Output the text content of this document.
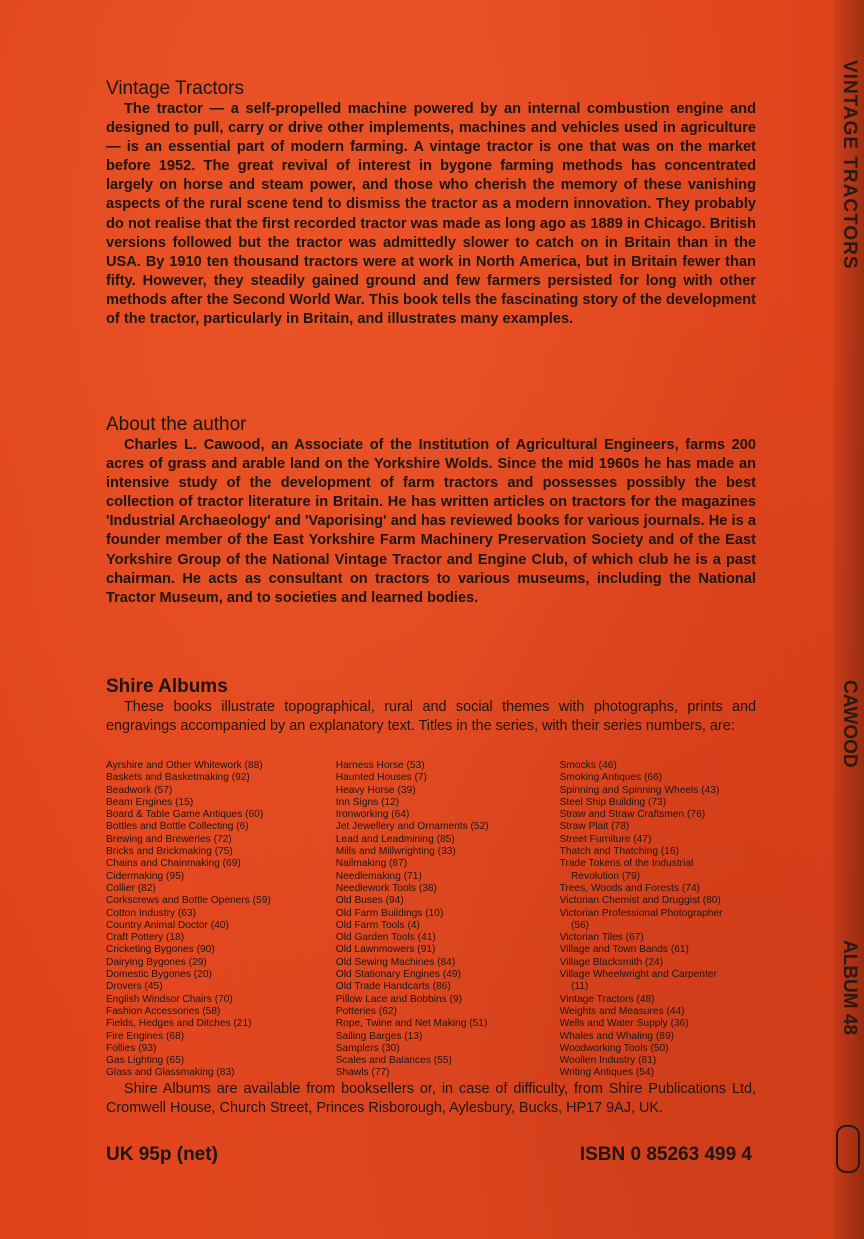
VINTAGE TRACTORS
CAWOOD
ALBUM 48
Vintage Tractors

The tractor — a self-propelled machine powered by an internal combustion engine and designed to pull, carry or drive other implements, machines and vehicles used in agriculture — is an essential part of modern farming. A vintage tractor is one that was on the market before 1952. The great revival of interest in bygone farming methods has concentrated largely on horse and steam power, and those who cherish the memory of these vanishing aspects of the rural scene tend to dismiss the tractor as a modern innovation. They probably do not realise that the first recorded tractor was made as long ago as 1889 in Chicago. British versions followed but the tractor was admittedly slower to catch on in Britain than in the USA. By 1910 ten thousand tractors were at work in North America, but in Britain fewer than fifty. However, they steadily gained ground and few farmers persisted for long with other methods after the Second World War. This book tells the fascinating story of the development of the tractor, particularly in Britain, and illustrates many examples.

About the author

Charles L. Cawood, an Associate of the Institution of Agricultural Engineers, farms 200 acres of grass and arable land on the Yorkshire Wolds. Since the mid 1960s he has made an intensive study of the development of farm tractors and possesses possibly the best collection of tractor literature in Britain. He has written articles on tractors for the magazines 'Industrial Archaeology' and 'Vaporising' and has reviewed books for various journals. He is a founder member of the East Yorkshire Farm Machinery Preservation Society and of the East Yorkshire Group of the National Vintage Tractor and Engine Club, of which club he is a past chairman. He acts as consultant on tractors to various museums, including the National Tractor Museum, and to societies and learned bodies.

Shire Albums

These books illustrate topographical, rural and social themes with photographs, prints and engravings accompanied by an explanatory text. Titles in the series, with their series numbers, are:

Ayrshire and Other Whitework (88)
Baskets and Basketmaking (92)
Beadwork (57)
Beam Engines (15)
Board & Table Game Antiques (60)
Bottles and Bottle Collecting (6)
Brewing and Breweries (72)
Bricks and Brickmaking (75)
Chains and Chainmaking (69)
Cidermaking (95)
Collier (82)
Corkscrews and Bottle Openers (59)
Cotton Industry (63)
Country Animal Doctor (40)
Craft Pottery (18)
Cricketing Bygones (90)
Dairying Bygones (29)
Domestic Bygones (20)
Drovers (45)
English Windsor Chairs (70)
Fashion Accessories (58)
Fields, Hedges and Ditches (21)
Fire Engines (68)
Follies (93)
Gas Lighting (65)
Glass and Glassmaking (83)
Harness Horse (53)
Haunted Houses (7)
Heavy Horse (39)
Inn Signs (12)
Ironworking (64)
Jet Jewellery and Ornaments (52)
Lead and Leadmining (85)
Mills and Millwrighting (33)
Nailmaking (87)
Needlemaking (71)
Needlework Tools (38)
Old Buses (94)
Old Farm Buildings (10)
Old Farm Tools (4)
Old Garden Tools (41)
Old Lawnmowers (91)
Old Sewing Machines (84)
Old Stationary Engines (49)
Old Trade Handcarts (86)
Pillow Lace and Bobbins (9)
Potteries (62)
Rope, Twine and Net Making (51)
Sailing Barges (13)
Samplers (30)
Scales and Balances (55)
Shawls (77)
Smocks (46)
Smoking Antiques (66)
Spinning and Spinning Wheels (43)
Steel Ship Building (73)
Straw and Straw Craftsmen (76)
Straw Plait (78)
Street Furniture (47)
Thatch and Thatching (16)
Trade Tokens of the Industrial
Revolution (79)
Trees, Woods and Forests (74)
Victorian Chemist and Druggist (80)
Victorian Professional Photographer
(56)
Victorian Tiles (67)
Village and Town Bands (61)
Village Blacksmith (24)
Village Wheelwright and Carpenter
(11)
Vintage Tractors (48)
Weights and Measures (44)
Wells and Water Supply (36)
Whales and Whaling (89)
Woodworking Tools (50)
Woollen Industry (81)
Writing Antiques (54)

Shire Albums are available from booksellers or, in case of difficulty, from Shire Publications Ltd, Cromwell House, Church Street, Princes Risborough, Aylesbury, Bucks, HP17 9AJ, UK.

UK 95p (net)	ISBN 0 85263 499 4
